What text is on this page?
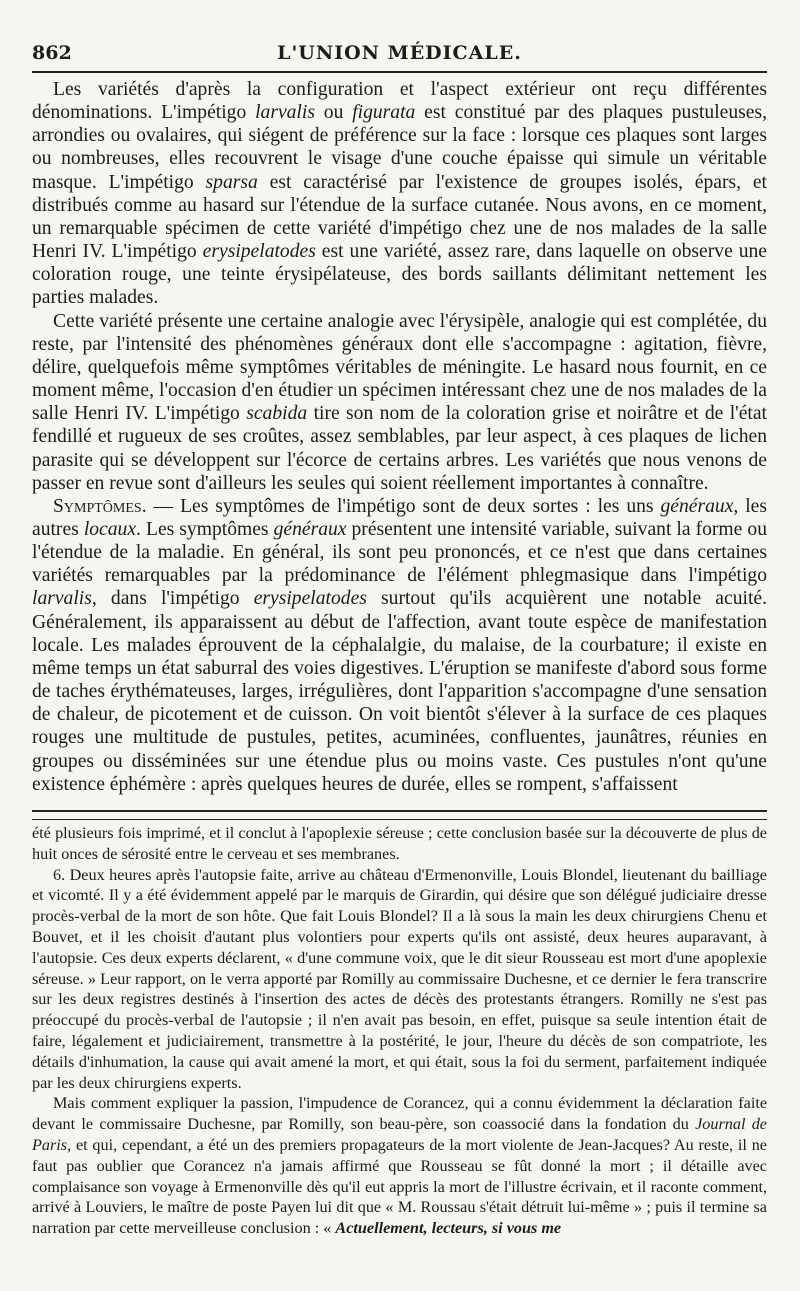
862	L'UNION MÉDICALE.

Les variétés d'après la configuration et l'aspect extérieur ont reçu différentes dénominations. L'impétigo larvalis ou figurata est constitué par des plaques pustuleuses, arrondies ou ovalaires, qui siégent de préférence sur la face : lorsque ces plaques sont larges ou nombreuses, elles recouvrent le visage d'une couche épaisse qui simule un véritable masque. L'impétigo sparsa est caractérisé par l'existence de groupes isolés, épars, et distribués comme au hasard sur l'étendue de la surface cutanée. Nous avons, en ce moment, un remarquable spécimen de cette variété d'impétigo chez une de nos malades de la salle Henri IV. L'impétigo erysipelatodes est une variété, assez rare, dans laquelle on observe une coloration rouge, une teinte érysipélateuse, des bords saillants délimitant nettement les parties malades.

Cette variété présente une certaine analogie avec l'érysipèle, analogie qui est complétée, du reste, par l'intensité des phénomènes généraux dont elle s'accompagne : agitation, fièvre, délire, quelquefois même symptômes véritables de méningite. Le hasard nous fournit, en ce moment même, l'occasion d'en étudier un spécimen intéressant chez une de nos malades de la salle Henri IV. L'impétigo scabida tire son nom de la coloration grise et noirâtre et de l'état fendillé et rugueux de ses croûtes, assez semblables, par leur aspect, à ces plaques de lichen parasite qui se développent sur l'écorce de certains arbres. Les variétés que nous venons de passer en revue sont d'ailleurs les seules qui soient réellement importantes à connaître.

Symptômes. — Les symptômes de l'impétigo sont de deux sortes : les uns généraux, les autres locaux. Les symptômes généraux présentent une intensité variable, suivant la forme ou l'étendue de la maladie. En général, ils sont peu prononcés, et ce n'est que dans certaines variétés remarquables par la prédominance de l'élément phlegmasique dans l'impétigo larvalis, dans l'impétigo erysipelatodes surtout qu'ils acquièrent une notable acuité. Généralement, ils apparaissent au début de l'affection, avant toute espèce de manifestation locale. Les malades éprouvent de la céphalalgie, du malaise, de la courbature; il existe en même temps un état saburral des voies digestives. L'éruption se manifeste d'abord sous forme de taches érythémateuses, larges, irrégulières, dont l'apparition s'accompagne d'une sensation de chaleur, de picotement et de cuisson. On voit bientôt s'élever à la surface de ces plaques rouges une multitude de pustules, petites, acuminées, confluentes, jaunâtres, réunies en groupes ou disséminées sur une étendue plus ou moins vaste. Ces pustules n'ont qu'une existence éphémère : après quelques heures de durée, elles se rompent, s'affaissent

été plusieurs fois imprimé, et il conclut à l'apoplexie séreuse ; cette conclusion basée sur la découverte de plus de huit onces de sérosité entre le cerveau et ses membranes.

6. Deux heures après l'autopsie faite, arrive au château d'Ermenonville, Louis Blondel, lieutenant du bailliage et vicomté. Il y a été évidemment appelé par le marquis de Girardin, qui désire que son délégué judiciaire dresse procès-verbal de la mort de son hôte. Que fait Louis Blondel? Il a là sous la main les deux chirurgiens Chenu et Bouvet, et il les choisit d'autant plus volontiers pour experts qu'ils ont assisté, deux heures auparavant, à l'autopsie. Ces deux experts déclarent, « d'une commune voix, que le dit sieur Rousseau est mort d'une apoplexie séreuse. » Leur rapport, on le verra apporté par Romilly au commissaire Duchesne, et ce dernier le fera transcrire sur les deux registres destinés à l'insertion des actes de décès des protestants étrangers. Romilly ne s'est pas préoccupé du procès-verbal de l'autopsie ; il n'en avait pas besoin, en effet, puisque sa seule intention était de faire, légalement et judiciairement, transmettre à la postérité, le jour, l'heure du décès de son compatriote, les détails d'inhumation, la cause qui avait amené la mort, et qui était, sous la foi du serment, parfaitement indiquée par les deux chirurgiens experts.

Mais comment expliquer la passion, l'impudence de Corancez, qui a connu évidemment la déclaration faite devant le commissaire Duchesne, par Romilly, son beau-père, son coassocié dans la fondation du Journal de Paris, et qui, cependant, a été un des premiers propagateurs de la mort violente de Jean-Jacques? Au reste, il ne faut pas oublier que Corancez n'a jamais affirmé que Rousseau se fût donné la mort ; il détaille avec complaisance son voyage à Ermenonville dès qu'il eut appris la mort de l'illustre écrivain, et il raconte comment, arrivé à Louviers, le maître de poste Payen lui dit que « M. Roussau s'était détruit lui-même » ; puis il termine sa narration par cette merveilleuse conclusion : « Actuellement, lecteurs, si vous me
